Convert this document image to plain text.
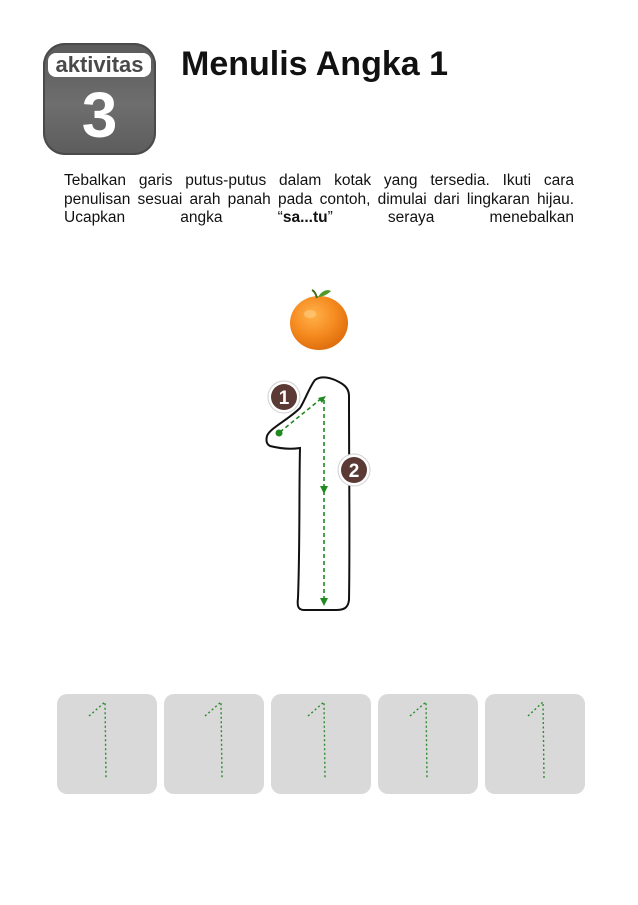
aktivitas
3
Menulis Angka 1
Tebalkan garis putus-putus dalam kotak yang tersedia. Ikuti cara penulisan sesuai arah panah pada contoh, dimulai dari lingkaran hijau. Ucapkan angka “sa...tu” seraya menebalkan
1
2
